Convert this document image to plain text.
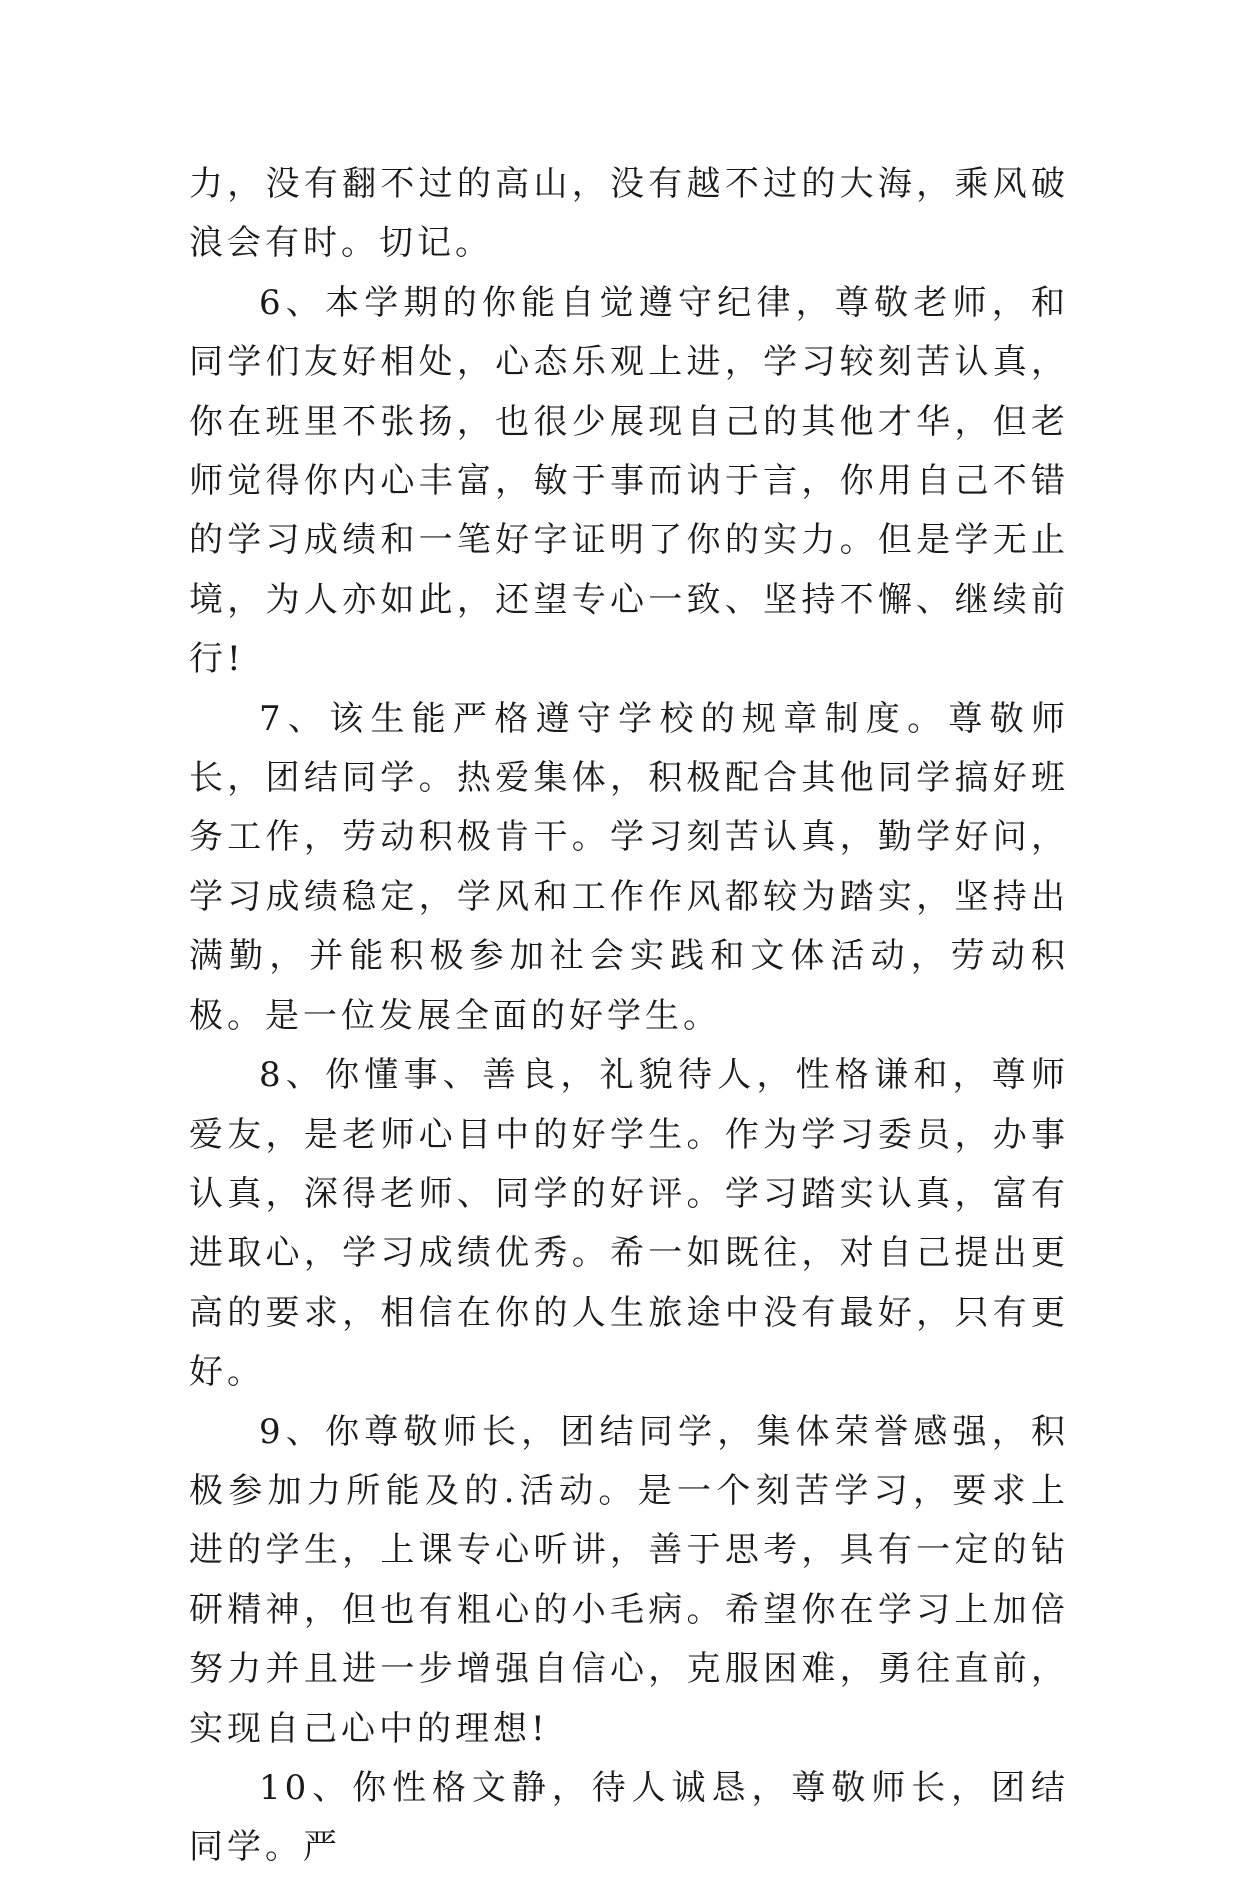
力，没有翻不过的高山，没有越不过的大海，乘风破浪会有时。切记。

6、本学期的你能自觉遵守纪律，尊敬老师，和同学们友好相处，心态乐观上进，学习较刻苦认真，你在班里不张扬，也很少展现自己的其他才华，但老师觉得你内心丰富，敏于事而讷于言，你用自己不错的学习成绩和一笔好字证明了你的实力。但是学无止境，为人亦如此，还望专心一致、坚持不懈、继续前行!

7、该生能严格遵守学校的规章制度。尊敬师长，团结同学。热爱集体，积极配合其他同学搞好班务工作，劳动积极肯干。学习刻苦认真，勤学好问，学习成绩稳定，学风和工作作风都较为踏实，坚持出满勤，并能积极参加社会实践和文体活动，劳动积极。是一位发展全面的好学生。

8、你懂事、善良，礼貌待人，性格谦和，尊师爱友，是老师心目中的好学生。作为学习委员，办事认真，深得老师、同学的好评。学习踏实认真，富有进取心，学习成绩优秀。希一如既往，对自己提出更高的要求，相信在你的人生旅途中没有最好，只有更好。

9、你尊敬师长，团结同学，集体荣誉感强，积极参加力所能及的.活动。是一个刻苦学习，要求上进的学生，上课专心听讲，善于思考，具有一定的钻研精神，但也有粗心的小毛病。希望你在学习上加倍努力并且进一步增强自信心，克服困难，勇往直前，实现自己心中的理想!

10、你性格文静，待人诚恳，尊敬师长，团结同学。严
